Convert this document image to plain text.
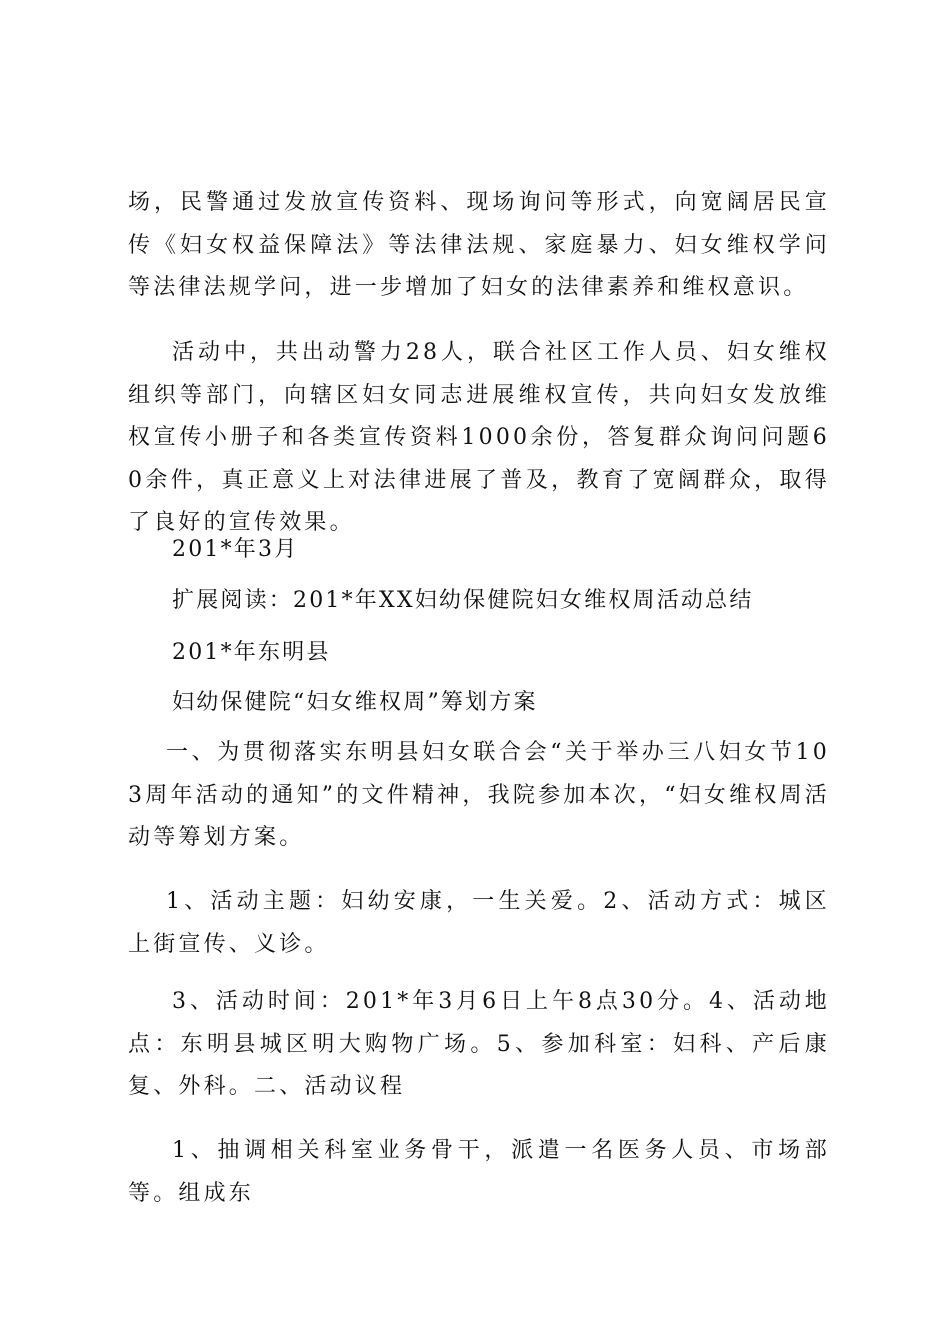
场，民警通过发放宣传资料、现场询问等形式，向宽阔居民宣传《妇女权益保障法》等法律法规、家庭暴力、妇女维权学问等法律法规学问，进一步增加了妇女的法律素养和维权意识。

活动中，共出动警力28人，联合社区工作人员、妇女维权组织等部门，向辖区妇女同志进展维权宣传，共向妇女发放维权宣传小册子和各类宣传资料1000余份，答复群众询问问题60余件，真正意义上对法律进展了普及，教育了宽阔群众，取得了良好的宣传效果。

201*年3月

扩展阅读：201*年XX妇幼保健院妇女维权周活动总结

201*年东明县

妇幼保健院“妇女维权周”筹划方案

一、为贯彻落实东明县妇女联合会“关于举办三八妇女节103周年活动的通知”的文件精神，我院参加本次，“妇女维权周活动等筹划方案。

1、活动主题：妇幼安康，一生关爱。2、活动方式：城区上街宣传、义诊。

3、活动时间：201*年3月6日上午8点30分。4、活动地点：东明县城区明大购物广场。5、参加科室：妇科、产后康复、外科。二、活动议程

1、抽调相关科室业务骨干，派遣一名医务人员、市场部等。组成东
